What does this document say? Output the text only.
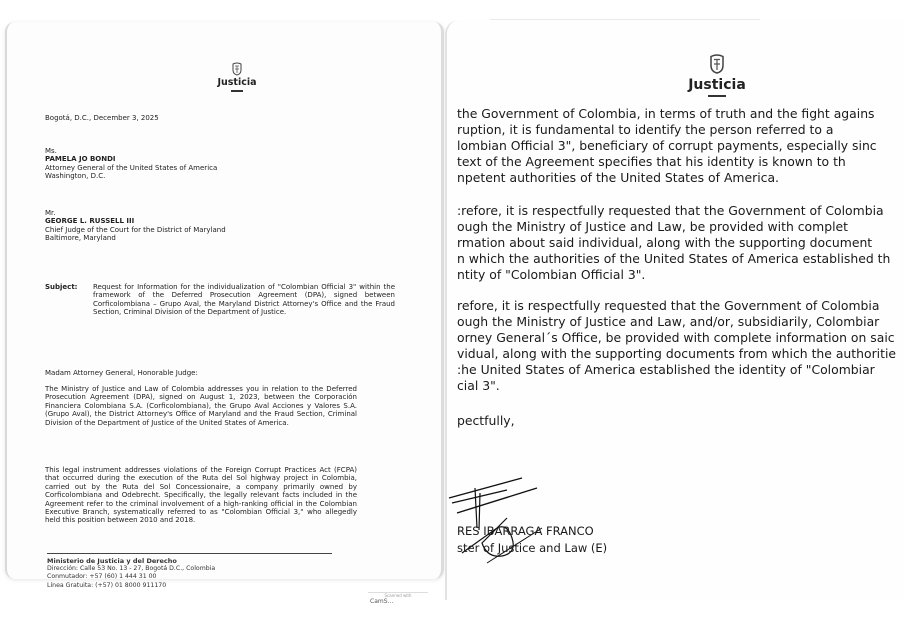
Justicia
Bogotá, D.C., December 3, 2025
Ms.
PAMELA JO BONDI
Attorney General of the United States of America
Washington, D.C.
Mr.
GEORGE L. RUSSELL III
Chief Judge of the Court for the District of Maryland
Baltimore, Maryland
Subject: Request for Information for the individualization of "Colombian Official 3" within the framework of the Deferred Prosecution Agreement (DPA), signed between Corficolombiana – Grupo Aval, the Maryland District Attorney's Office and the Fraud Section, Criminal Division of the Department of Justice.
Madam Attorney General, Honorable Judge:
The Ministry of Justice and Law of Colombia addresses you in relation to the Deferred Prosecution Agreement (DPA), signed on August 1, 2023, between the Corporación Financiera Colombiana S.A. (Corficolombiana), the Grupo Aval Acciones y Valores S.A. (Grupo Aval), the District Attorney's Office of Maryland and the Fraud Section, Criminal Division of the Department of Justice of the United States of America.
This legal instrument addresses violations of the Foreign Corrupt Practices Act (FCPA) that occurred during the execution of the Ruta del Sol highway project in Colombia, carried out by the Ruta del Sol Concessionaire, a company primarily owned by Corficolombiana and Odebrecht. Specifically, the legally relevant facts included in the Agreement refer to the criminal involvement of a high-ranking official in the Colombian Executive Branch, systematically referred to as "Colombian Official 3," who allegedly held this position between 2010 and 2018.
Ministerio de Justicia y del Derecho
Dirección: Calle 53 No. 13 - 27, Bogotá D.C., Colombia
Conmutador: +57 (60) 1 444 31 00
Línea Gratuita: (+57) 01 8000 911170
Scanned with
CamS...
Justicia
the Government of Colombia, in terms of truth and the fight agains
ruption, it is fundamental to identify the person referred to a
lombian Official 3", beneficiary of corrupt payments, especially sinc
text of the Agreement specifies that his identity is known to th
npetent authorities of the United States of America.
:refore, it is respectfully requested that the Government of Colombia
ough the Ministry of Justice and Law, be provided with complet
rmation about said individual, along with the supporting document
n which the authorities of the United States of America established th
ntity of "Colombian Official 3".
refore, it is respectfully requested that the Government of Colombia
ough the Ministry of Justice and Law, and/or, subsidiarily, Colombiar
orney General´s Office, be provided with complete information on saic
vidual, along with the supporting documents from which the authoritie
:he United States of America established the identity of "Colombiar
cial 3".
pectfully,
RES IBARRAGA FRANCO
ster of Justice and Law (E)
